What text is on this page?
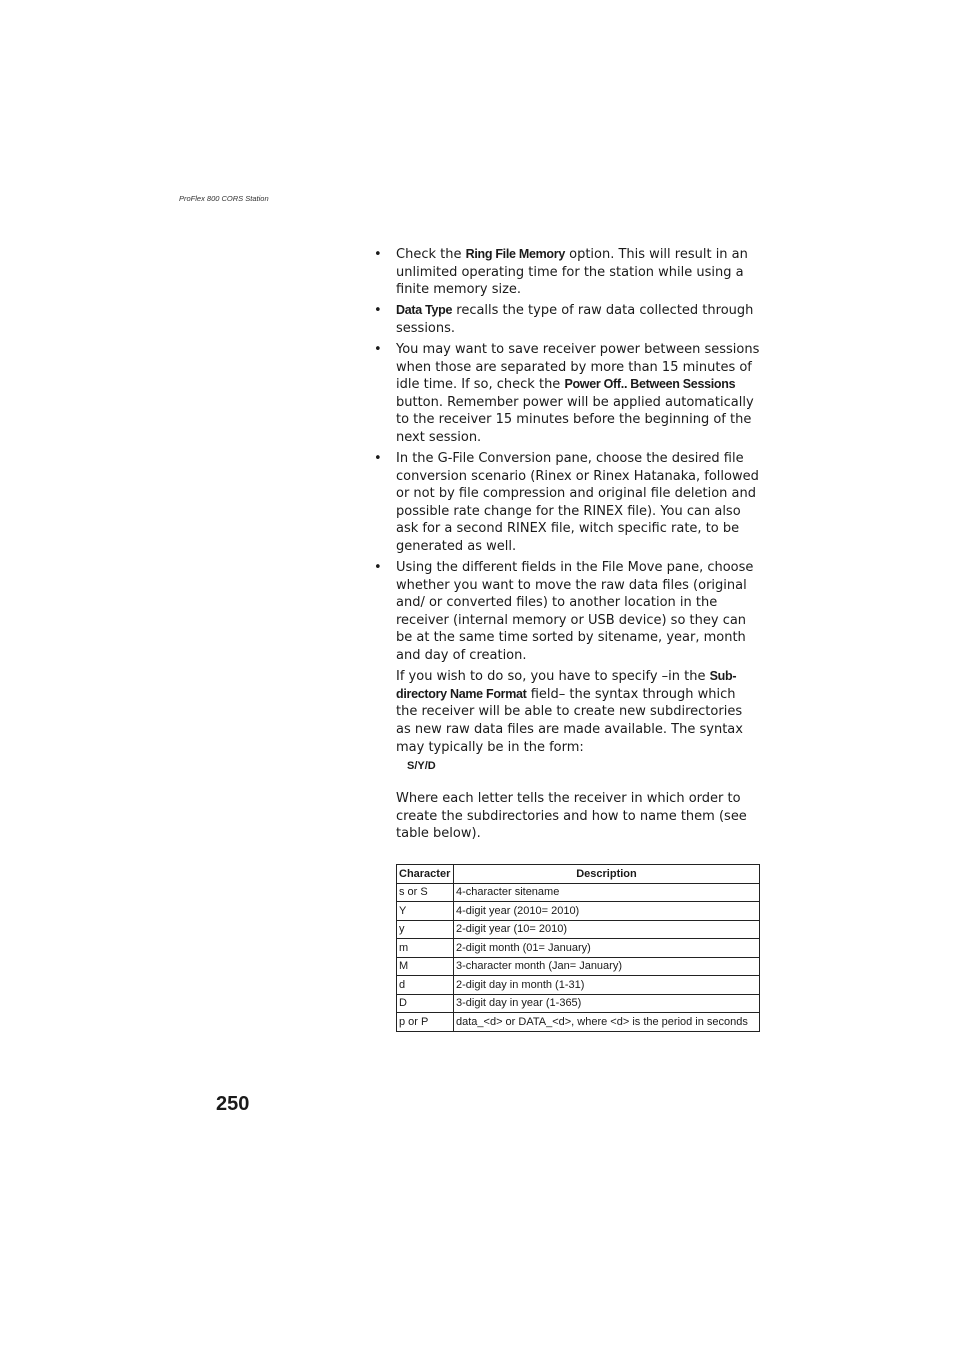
ProFlex 800 CORS Station
• Check the Ring File Memory option. This will result in an unlimited operating time for the station while using a finite memory size.
• Data Type recalls the type of raw data collected through sessions.
• You may want to save receiver power between sessions when those are separated by more than 15 minutes of idle time. If so, check the Power Off.. Between Sessions button. Remember power will be applied automatically to the receiver 15 minutes before the beginning of the next session.
• In the G-File Conversion pane, choose the desired file conversion scenario (Rinex or Rinex Hatanaka, followed or not by file compression and original file deletion and possible rate change for the RINEX file). You can also ask for a second RINEX file, witch specific rate, to be generated as well.
• Using the different fields in the File Move pane, choose whether you want to move the raw data files (original and/ or converted files) to another location in the receiver (internal memory or USB device) so they can be at the same time sorted by sitename, year, month and day of creation.
If you wish to do so, you have to specify –in the Sub-directory Name Format field– the syntax through which the receiver will be able to create new subdirectories as new raw data files are made available. The syntax may typically be in the form:
S/Y/D
Where each letter tells the receiver in which order to create the subdirectories and how to name them (see table below).
Character	Description
s or S	4-character sitename
Y	4-digit year (2010= 2010)
y	2-digit year (10= 2010)
m	2-digit month (01= January)
M	3-character month (Jan= January)
d	2-digit day in month (1-31)
D	3-digit day in year (1-365)
p or P	data_<d> or DATA_<d>, where <d> is the period in seconds
250
